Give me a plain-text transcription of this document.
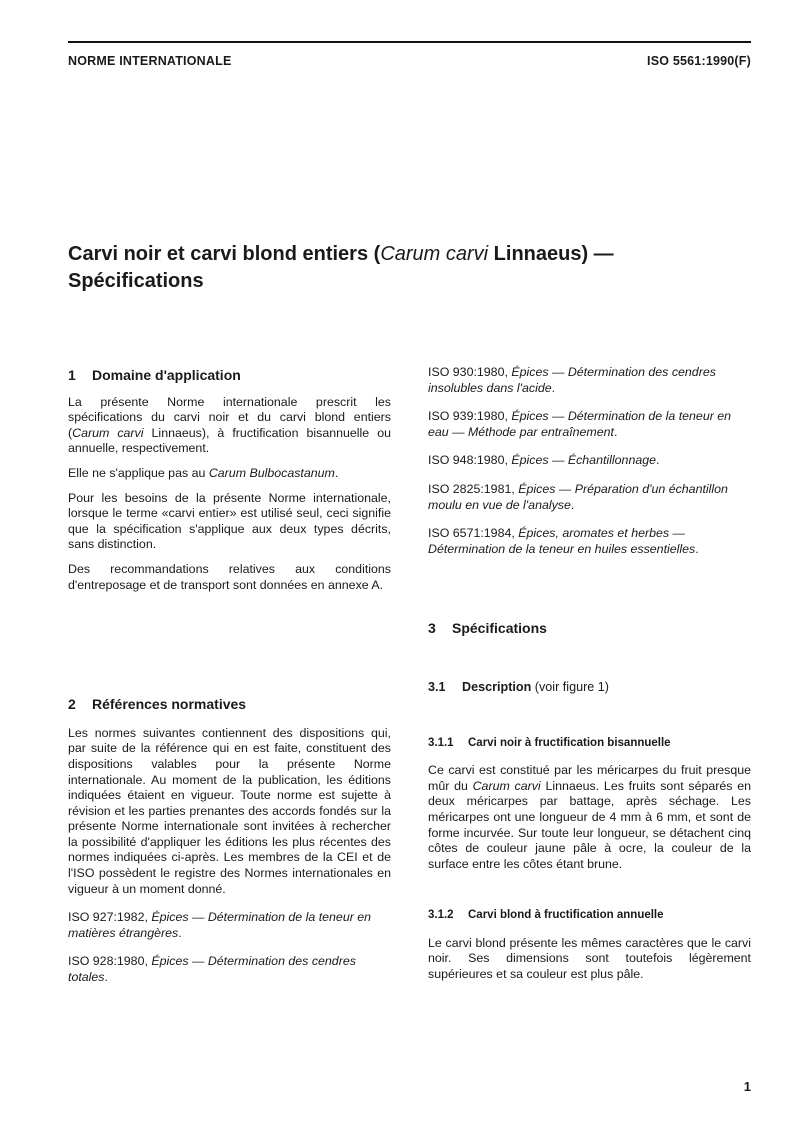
NORME INTERNATIONALE	ISO 5561:1990(F)
Carvi noir et carvi blond entiers (Carum carvi Linnaeus) —
Spécifications
1 Domaine d'application

La présente Norme internationale prescrit les spécifications du carvi noir et du carvi blond entiers (Carum carvi Linnaeus), à fructification bisannuelle ou annuelle, respectivement.

Elle ne s'applique pas au Carum Bulbocastanum.

Pour les besoins de la présente Norme internationale, lorsque le terme «carvi entier» est utilisé seul, ceci signifie que la spécification s'applique aux deux types décrits, sans distinction.

Des recommandations relatives aux conditions d'entreposage et de transport sont données en annexe A.

2 Références normatives

Les normes suivantes contiennent des dispositions qui, par suite de la référence qui en est faite, constituent des dispositions valables pour la présente Norme internationale. Au moment de la publication, les éditions indiquées étaient en vigueur. Toute norme est sujette à révision et les parties prenantes des accords fondés sur la présente Norme internationale sont invitées à rechercher la possibilité d'appliquer les éditions les plus récentes des normes indiquées ci-après. Les membres de la CEI et de l'ISO possèdent le registre des Normes internationales en vigueur à un moment donné.

ISO 927:1982, Épices — Détermination de la teneur en matières étrangères.

ISO 928:1980, Épices — Détermination des cendres totales.

ISO 930:1980, Épices — Détermination des cendres insolubles dans l'acide.

ISO 939:1980, Épices — Détermination de la teneur en eau — Méthode par entraînement.

ISO 948:1980, Épices — Échantillonnage.

ISO 2825:1981, Épices — Préparation d'un échantillon moulu en vue de l'analyse.

ISO 6571:1984, Épices, aromates et herbes — Détermination de la teneur en huiles essentielles.

3 Spécifications
3.1 Description (voir figure 1)
3.1.1 Carvi noir à fructification bisannuelle

Ce carvi est constitué par les méricarpes du fruit presque mûr du Carum carvi Linnaeus. Les fruits sont séparés en deux méricarpes par battage, après séchage. Les méricarpes ont une longueur de 4 mm à 6 mm, et sont de forme incurvée. Sur toute leur longueur, se détachent cinq côtes de couleur jaune pâle à ocre, la couleur de la surface entre les côtes étant brune.

3.1.2 Carvi blond à fructification annuelle

Le carvi blond présente les mêmes caractères que le carvi noir. Ses dimensions sont toutefois légèrement supérieures et sa couleur est plus pâle.

1
